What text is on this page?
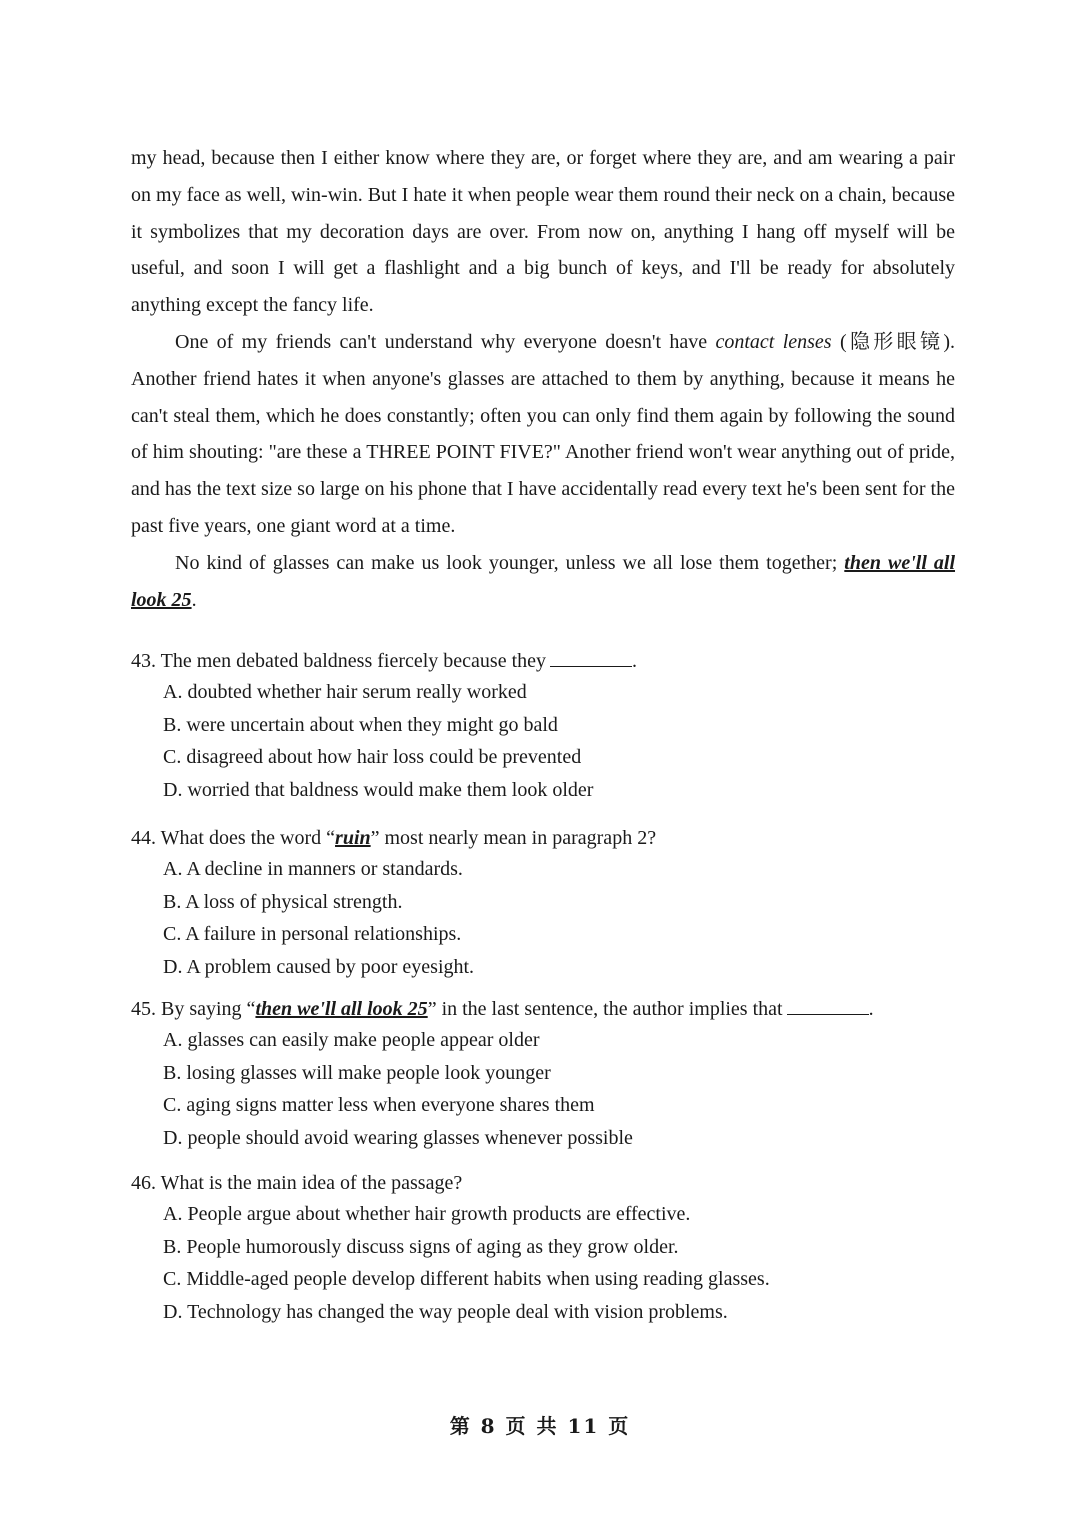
my head, because then I either know where they are, or forget where they are, and am wearing a pair on my face as well, win-win. But I hate it when people wear them round their neck on a chain, because it symbolizes that my decoration days are over. From now on, anything I hang off myself will be useful, and soon I will get a flashlight and a big bunch of keys, and I'll be ready for absolutely anything except the fancy life.

One of my friends can't understand why everyone doesn't have contact lenses (隐形眼镜). Another friend hates it when anyone's glasses are attached to them by anything, because it means he can't steal them, which he does constantly; often you can only find them again by following the sound of him shouting: "are these a THREE POINT FIVE?" Another friend won't wear anything out of pride, and has the text size so large on his phone that I have accidentally read every text he's been sent for the past five years, one giant word at a time.

No kind of glasses can make us look younger, unless we all lose them together; then we'll all look 25.

43. The men debated baldness fiercely because they	.
A. doubted whether hair serum really worked
B. were uncertain about when they might go bald
C. disagreed about how hair loss could be prevented
D. worried that baldness would make them look older
44. What does the word “ruin” most nearly mean in paragraph 2?
A. A decline in manners or standards.
B. A loss of physical strength.
C. A failure in personal relationships.
D. A problem caused by poor eyesight.
45. By saying “then we'll all look 25” in the last sentence, the author implies that	.
A. glasses can easily make people appear older
B. losing glasses will make people look younger
C. aging signs matter less when everyone shares them
D. people should avoid wearing glasses whenever possible
46. What is the main idea of the passage?
A. People argue about whether hair growth products are effective.
B. People humorously discuss signs of aging as they grow older.
C. Middle-aged people develop different habits when using reading glasses.
D. Technology has changed the way people deal with vision problems.
第 8 页 共 11 页
